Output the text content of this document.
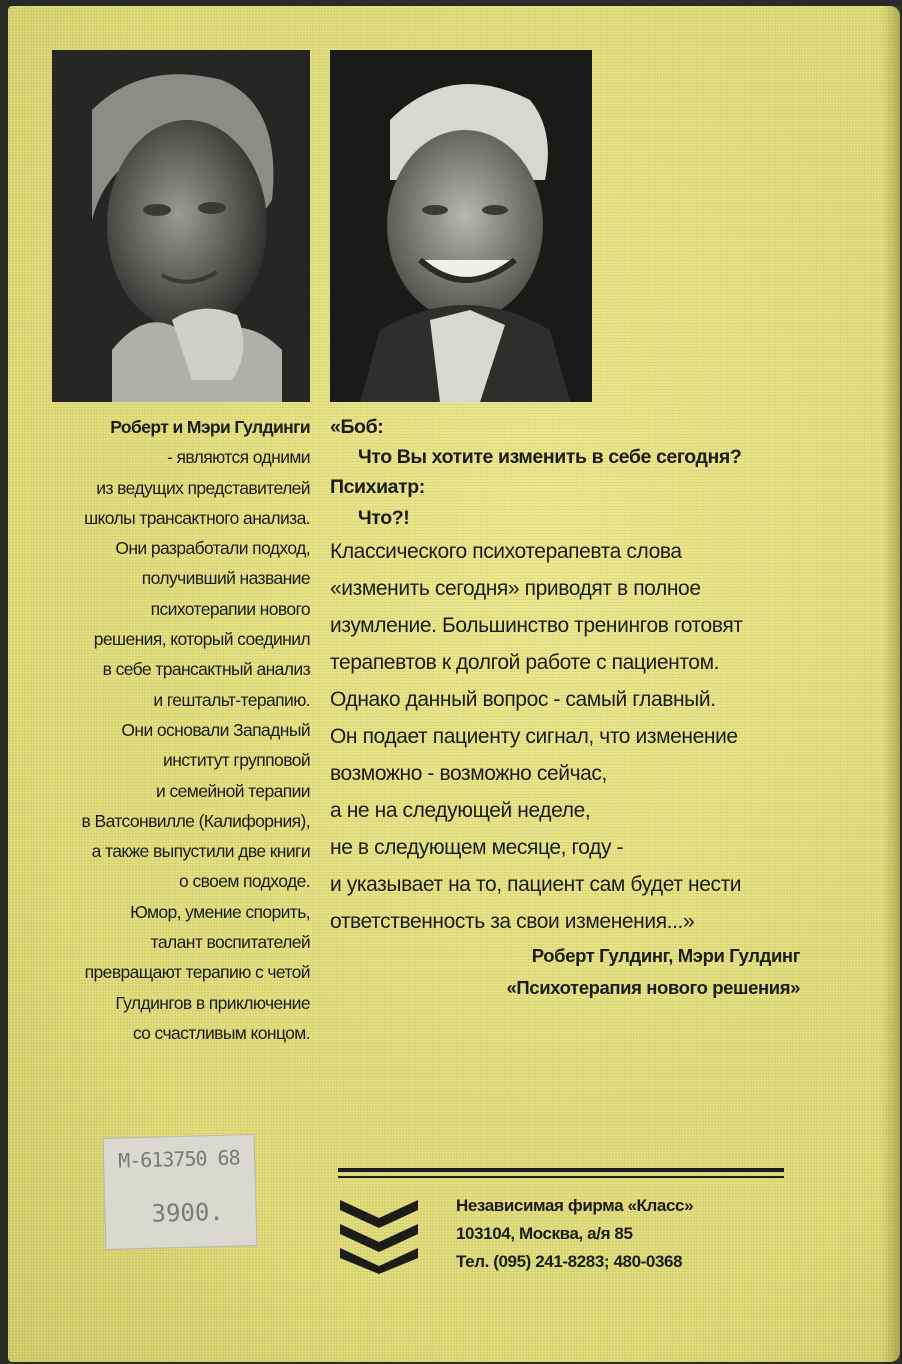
Роберт и Мэри Гулдинги

- являются одними

из ведущих представителей

школы трансактного анализа.

Они разработали подход,

получивший название

психотерапии нового

решения, который соединил

в себе трансактный анализ

и гештальт-терапию.

Они основали Западный

институт групповой

и семейной терапии

в Ватсонвилле (Калифорния),

а также выпустили две книги

о своем подходе.

Юмор, умение спорить,

талант воспитателей

превращают терапию с четой

Гулдингов в приключение

со счастливым концом.

«Боб:
Что Вы хотите изменить в себе сегодня?
Психиатр:
Что?!
Классического психотерапевта слова
«изменить сегодня» приводят в полное
изумление. Большинство тренингов готовят
терапевтов к долгой работе с пациентом.
Однако данный вопрос - самый главный.
Он подает пациенту сигнал, что изменение
возможно - возможно сейчас,
а не на следующей неделе,
не в следующем месяце, году -
и указывает на то, пациент сам будет нести
ответственность за свои изменения...»
Роберт Гулдинг, Мэри Гулдинг
«Психотерапия нового решения»
М-613750 68
3900.	Независимая фирма «Класс»
103104, Москва, а/я 85
Тел. (095) 241-8283; 480-0368
